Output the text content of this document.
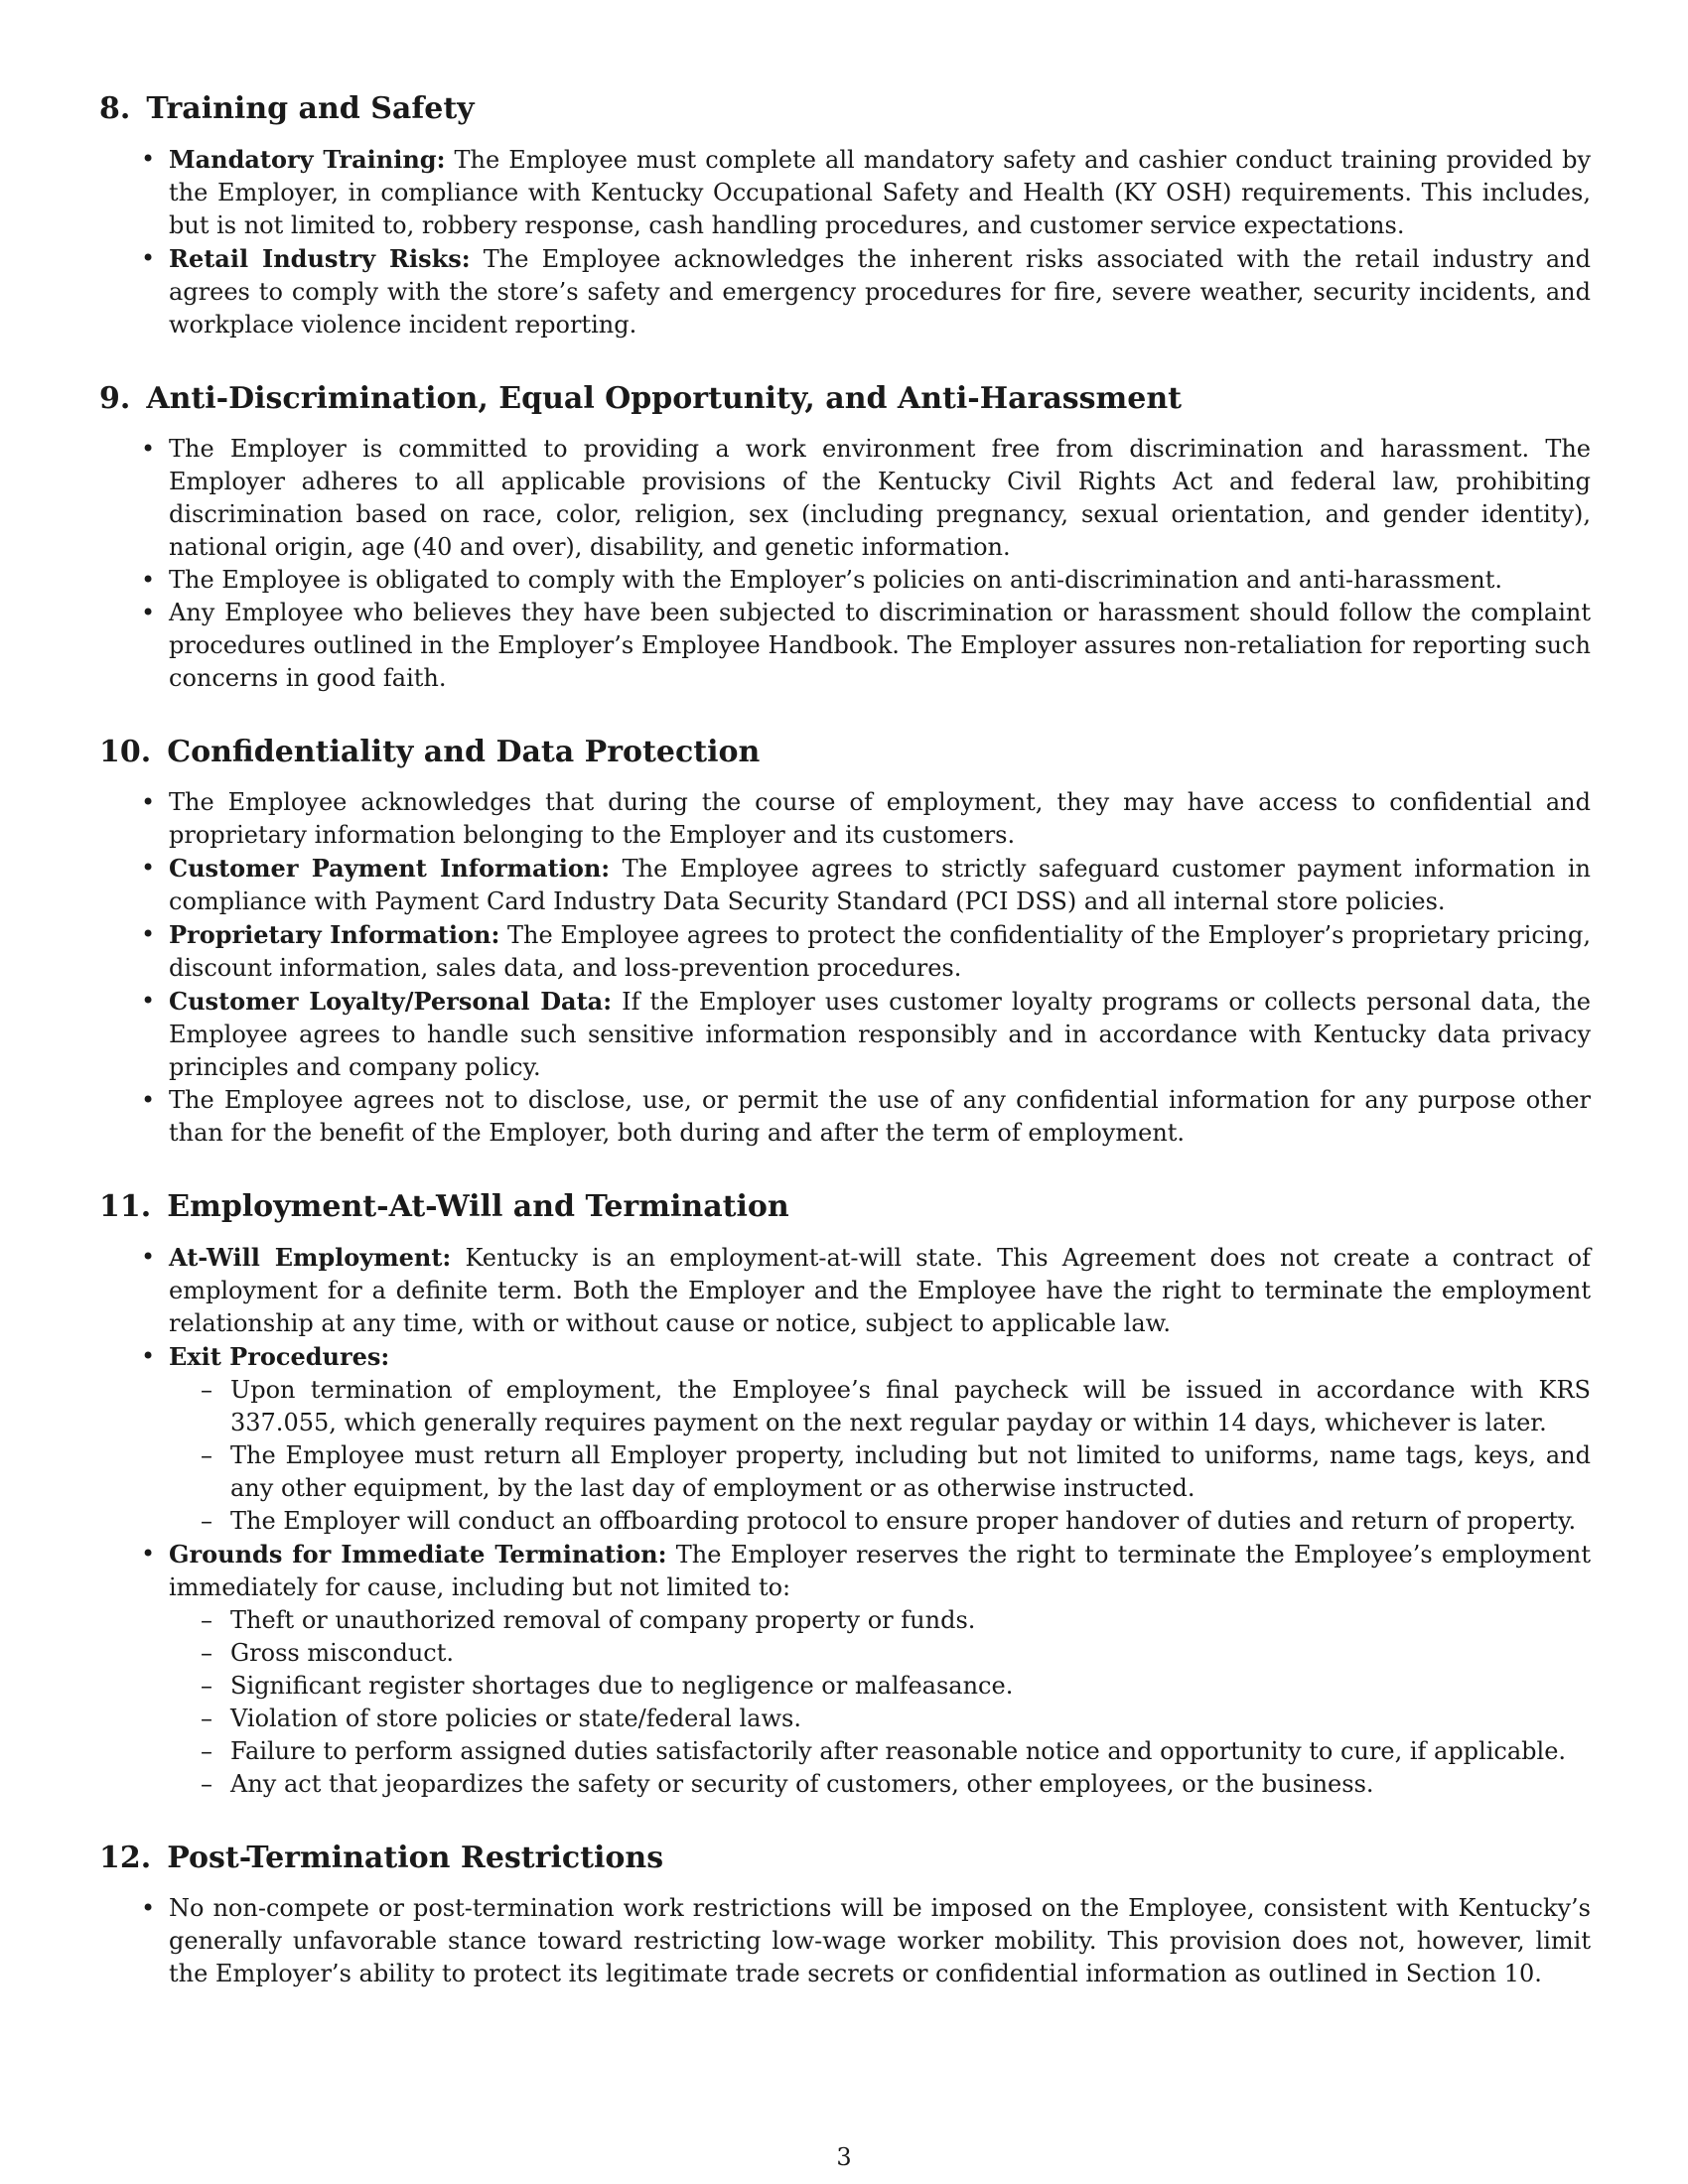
8. Training and Safety
• Mandatory Training: The Employee must complete all mandatory safety and cashier conduct training provided by the Employer, in compliance with Kentucky Occupational Safety and Health (KY OSH) requirements. This includes, but is not limited to, robbery response, cash handling procedures, and customer service expectations.
• Retail Industry Risks: The Employee acknowledges the inherent risks associated with the retail industry and agrees to comply with the store’s safety and emergency procedures for fire, severe weather, security incidents, and workplace violence incident reporting.
9. Anti-Discrimination, Equal Opportunity, and Anti-Harassment
• The Employer is committed to providing a work environment free from discrimination and harassment. The Employer adheres to all applicable provisions of the Kentucky Civil Rights Act and federal law, prohibiting discrimination based on race, color, religion, sex (including pregnancy, sexual orientation, and gender identity), national origin, age (40 and over), disability, and genetic information.
• The Employee is obligated to comply with the Employer’s policies on anti-discrimination and anti-harassment.
• Any Employee who believes they have been subjected to discrimination or harassment should follow the complaint procedures outlined in the Employer’s Employee Handbook. The Employer assures non-retaliation for reporting such concerns in good faith.
10. Confidentiality and Data Protection
• The Employee acknowledges that during the course of employment, they may have access to confidential and proprietary information belonging to the Employer and its customers.
• Customer Payment Information: The Employee agrees to strictly safeguard customer payment information in compliance with Payment Card Industry Data Security Standard (PCI DSS) and all internal store policies.
• Proprietary Information: The Employee agrees to protect the confidentiality of the Employer’s proprietary pricing, discount information, sales data, and loss-prevention procedures.
• Customer Loyalty/Personal Data: If the Employer uses customer loyalty programs or collects personal data, the Employee agrees to handle such sensitive information responsibly and in accordance with Kentucky data privacy principles and company policy.
• The Employee agrees not to disclose, use, or permit the use of any confidential information for any purpose other than for the benefit of the Employer, both during and after the term of employment.
11. Employment-At-Will and Termination
• At-Will Employment: Kentucky is an employment-at-will state. This Agreement does not create a contract of employment for a definite term. Both the Employer and the Employee have the right to terminate the employment relationship at any time, with or without cause or notice, subject to applicable law.
• Exit Procedures:
– Upon termination of employment, the Employee’s final paycheck will be issued in accordance with KRS 337.055, which generally requires payment on the next regular payday or within 14 days, whichever is later.
– The Employee must return all Employer property, including but not limited to uniforms, name tags, keys, and any other equipment, by the last day of employment or as otherwise instructed.
– The Employer will conduct an offboarding protocol to ensure proper handover of duties and return of property.
• Grounds for Immediate Termination: The Employer reserves the right to terminate the Employee’s employment immediately for cause, including but not limited to:
– Theft or unauthorized removal of company property or funds.
– Gross misconduct.
– Significant register shortages due to negligence or malfeasance.
– Violation of store policies or state/federal laws.
– Failure to perform assigned duties satisfactorily after reasonable notice and opportunity to cure, if applicable.
– Any act that jeopardizes the safety or security of customers, other employees, or the business.
12. Post-Termination Restrictions
• No non-compete or post-termination work restrictions will be imposed on the Employee, consistent with Kentucky’s generally unfavorable stance toward restricting low-wage worker mobility. This provision does not, however, limit the Employer’s ability to protect its legitimate trade secrets or confidential information as outlined in Section 10.
3
